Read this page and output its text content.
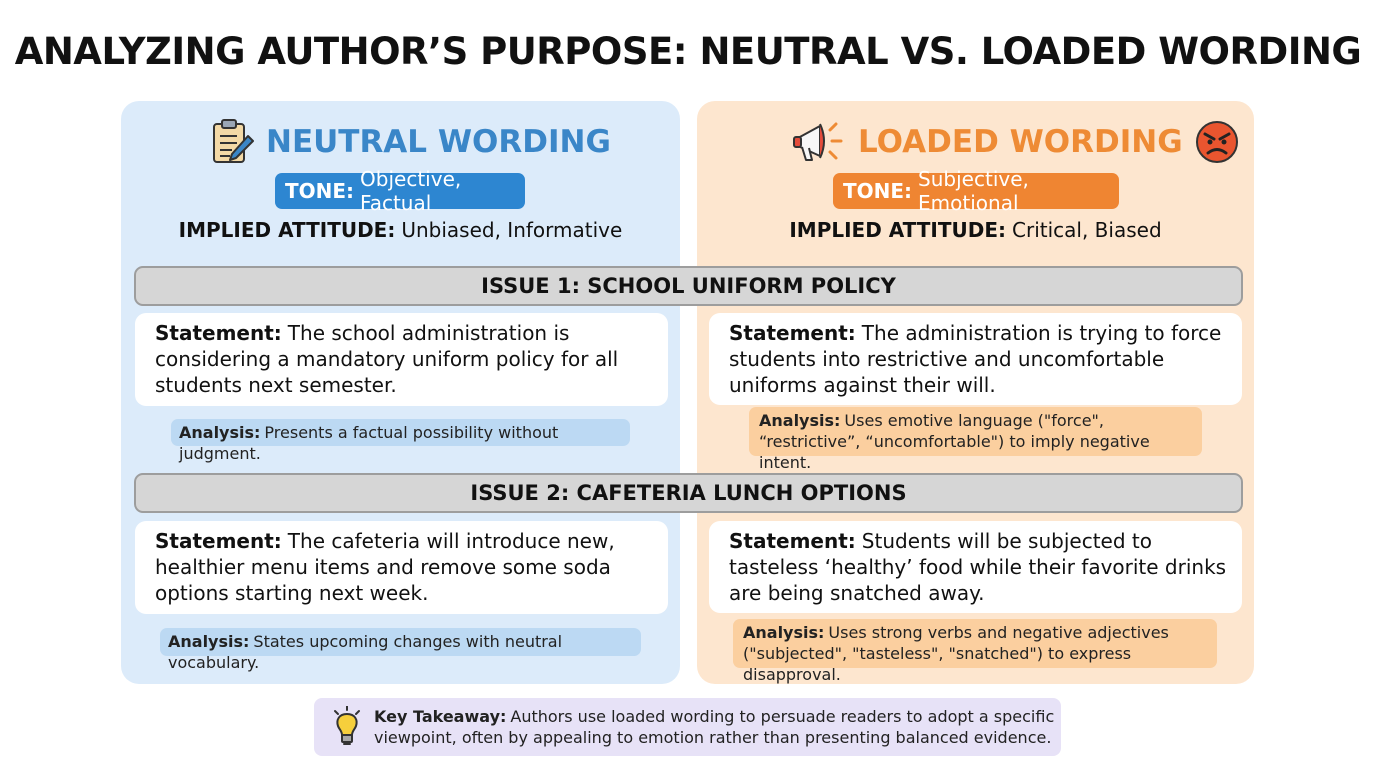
ANALYZING AUTHOR’S PURPOSE: NEUTRAL VS. LOADED WORDING
NEUTRAL WORDING	LOADED WORDING
TONE: Objective, Factual	TONE: Subjective, Emotional
IMPLIED ATTITUDE: Unbiased, Informative	IMPLIED ATTITUDE: Critical, Biased
ISSUE 1: SCHOOL UNIFORM POLICY
Statement: The school administration is considering a mandatory uniform policy for all students next semester.
Statement: The administration is trying to force students into restrictive and uncomfortable uniforms against their will.
Analysis: Presents a factual possibility without judgment.
Analysis: Uses emotive language ("force", “restrictive”, “uncomfortable") to imply negative intent.
ISSUE 2: CAFETERIA LUNCH OPTIONS
Statement: The cafeteria will introduce new, healthier menu items and remove some soda options starting next week.
Statement: Students will be subjected to tasteless ‘healthy’ food while their favorite drinks are being snatched away.
Analysis: States upcoming changes with neutral vocabulary.
Analysis: Uses strong verbs and negative adjectives ("subjected", "tasteless", "snatched") to express disapproval.
Key Takeaway: Authors use loaded wording to persuade readers to adopt a specific viewpoint, often by appealing to emotion rather than presenting balanced evidence.
